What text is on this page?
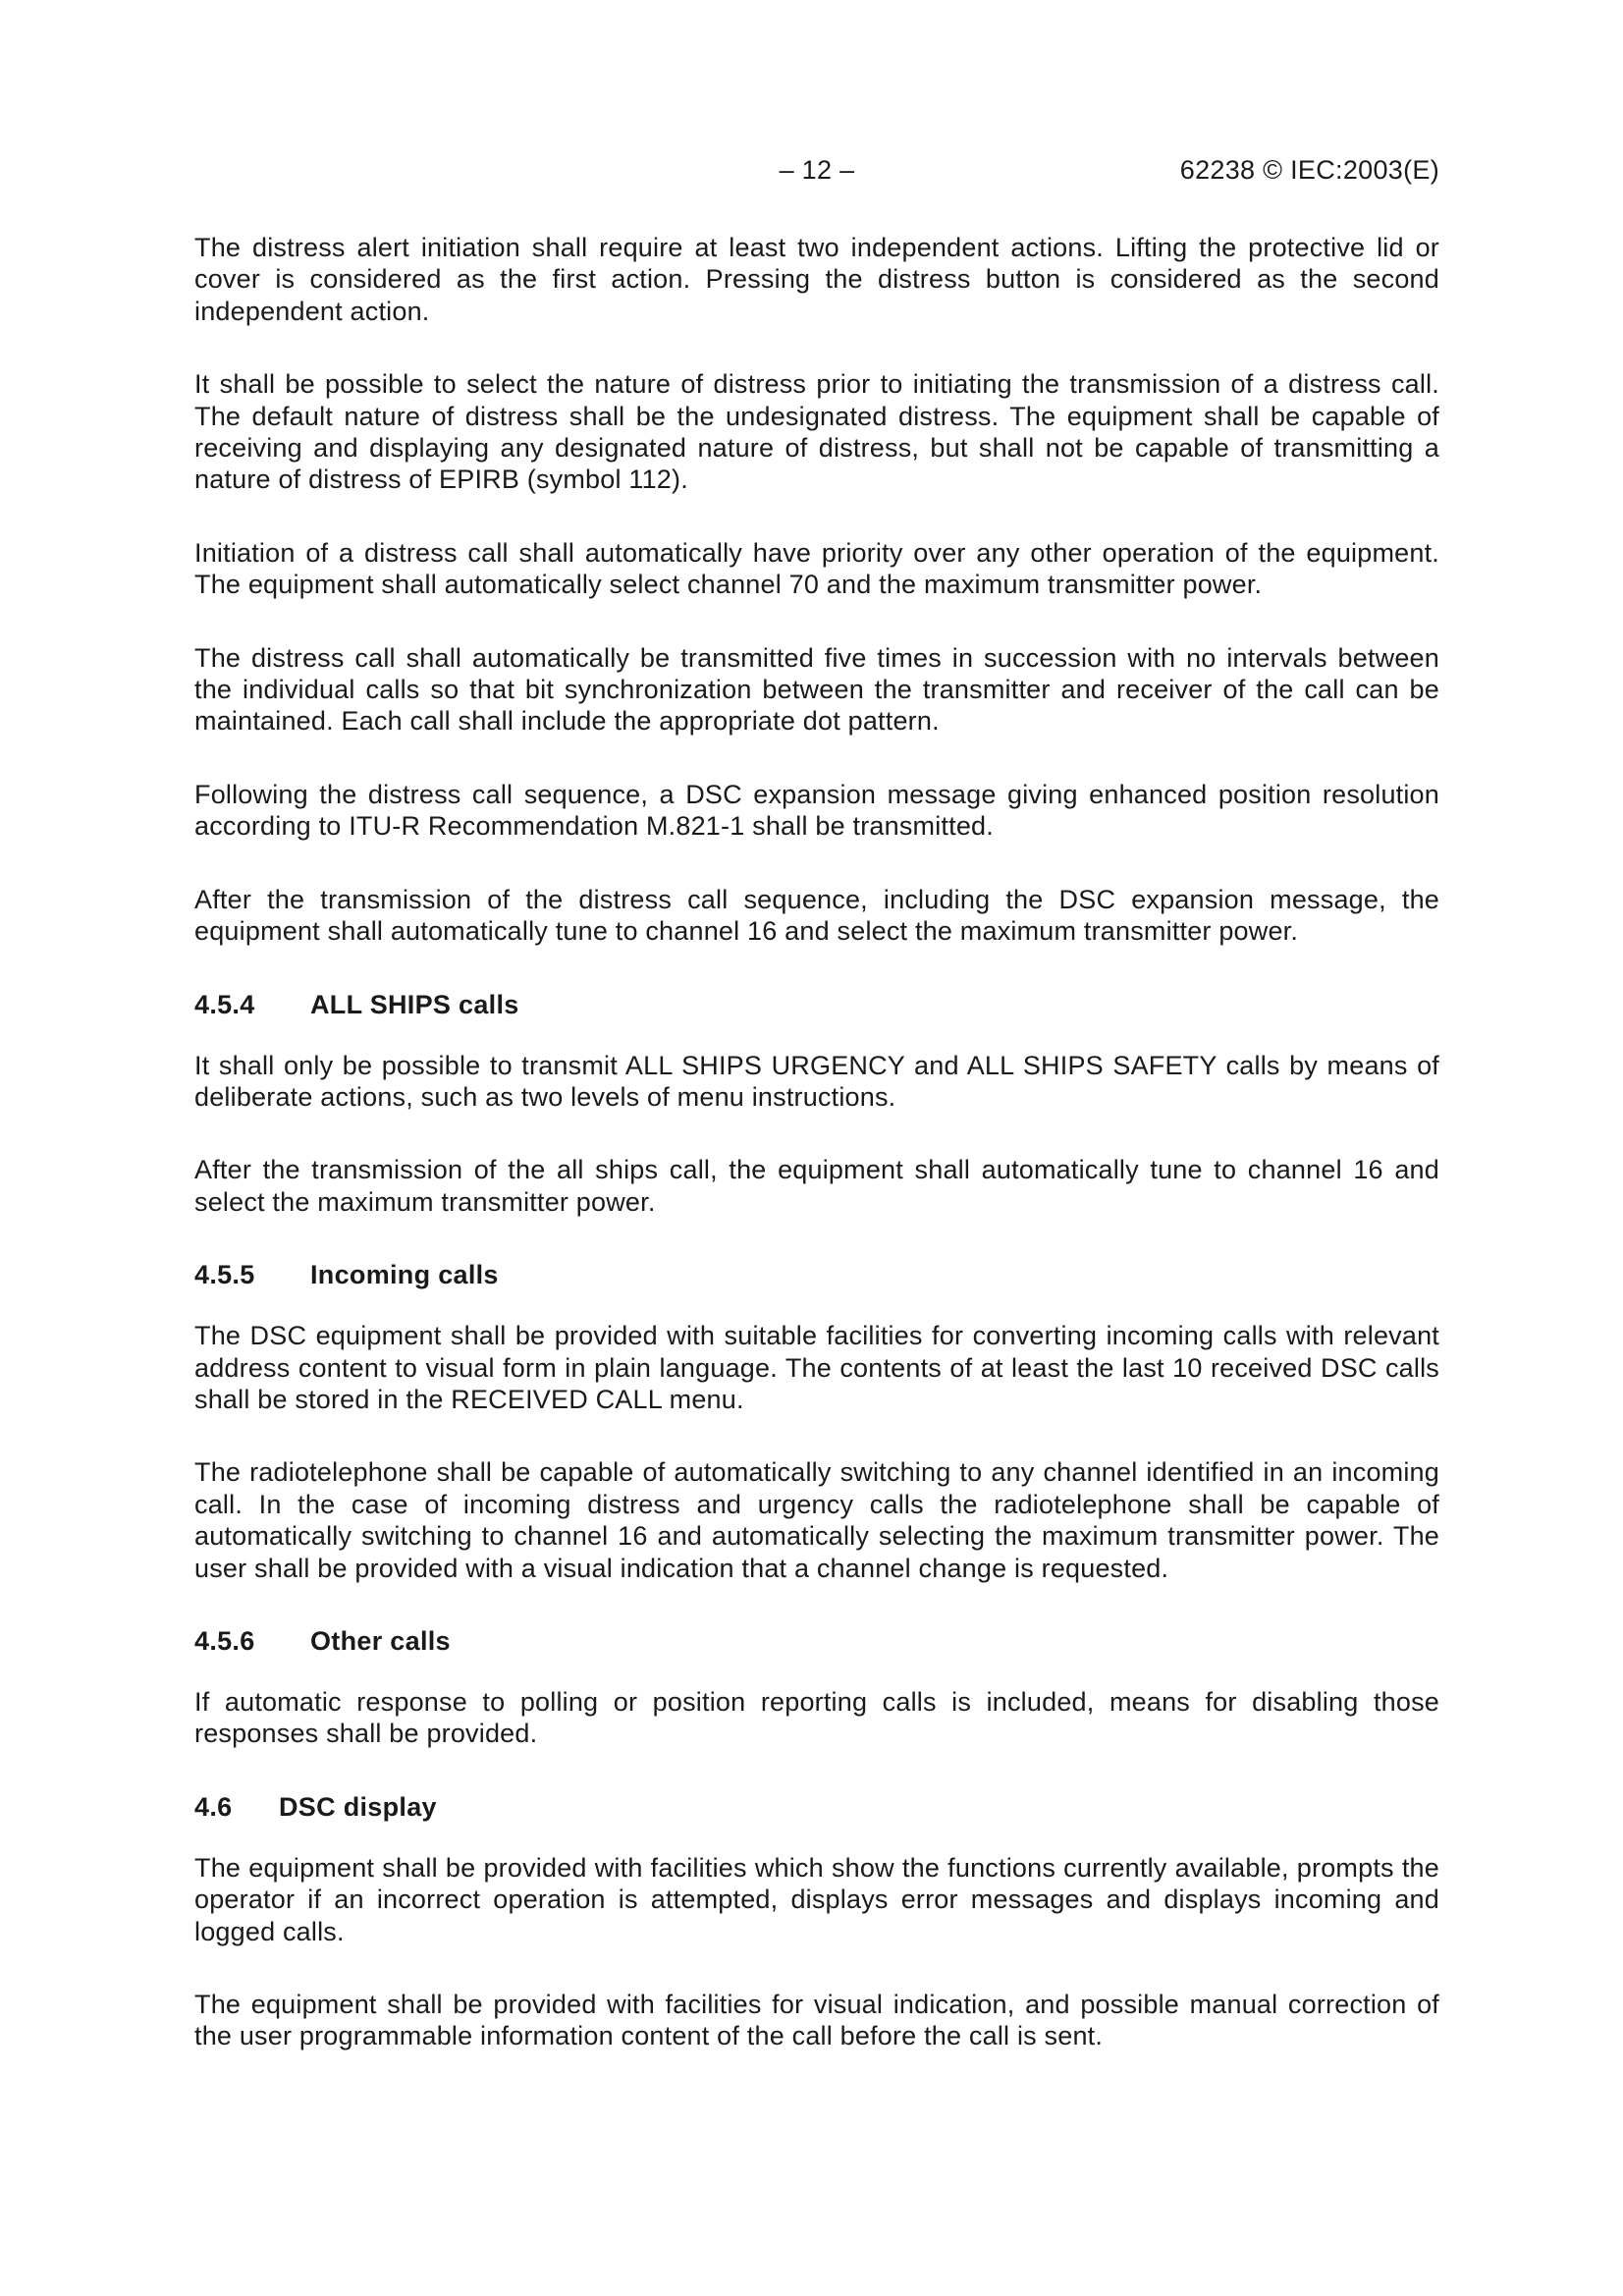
– 12 –	62238 © IEC:2003(E)

The distress alert initiation shall require at least two independent actions. Lifting the protective lid or cover is considered as the first action. Pressing the distress button is considered as the second independent action.

It shall be possible to select the nature of distress prior to initiating the transmission of a distress call. The default nature of distress shall be the undesignated distress. The equipment shall be capable of receiving and displaying any designated nature of distress, but shall not be capable of transmitting a nature of distress of EPIRB (symbol 112).

Initiation of a distress call shall automatically have priority over any other operation of the equipment. The equipment shall automatically select channel 70 and the maximum transmitter power.

The distress call shall automatically be transmitted five times in succession with no intervals between the individual calls so that bit synchronization between the transmitter and receiver of the call can be maintained. Each call shall include the appropriate dot pattern.

Following the distress call sequence, a DSC expansion message giving enhanced position resolution according to ITU-R Recommendation M.821-1 shall be transmitted.

After the transmission of the distress call sequence, including the DSC expansion message, the equipment shall automatically tune to channel 16 and select the maximum transmitter power.

4.5.4 ALL SHIPS calls

It shall only be possible to transmit ALL SHIPS URGENCY and ALL SHIPS SAFETY calls by means of deliberate actions, such as two levels of menu instructions.

After the transmission of the all ships call, the equipment shall automatically tune to channel 16 and select the maximum transmitter power.

4.5.5 Incoming calls

The DSC equipment shall be provided with suitable facilities for converting incoming calls with relevant address content to visual form in plain language. The contents of at least the last 10 received DSC calls shall be stored in the RECEIVED CALL menu.

The radiotelephone shall be capable of automatically switching to any channel identified in an incoming call. In the case of incoming distress and urgency calls the radiotelephone shall be capable of automatically switching to channel 16 and automatically selecting the maximum transmitter power. The user shall be provided with a visual indication that a channel change is requested.

4.5.6 Other calls

If automatic response to polling or position reporting calls is included, means for disabling those responses shall be provided.

4.6 DSC display

The equipment shall be provided with facilities which show the functions currently available, prompts the operator if an incorrect operation is attempted, displays error messages and displays incoming and logged calls.

The equipment shall be provided with facilities for visual indication, and possible manual correction of the user programmable information content of the call before the call is sent.
